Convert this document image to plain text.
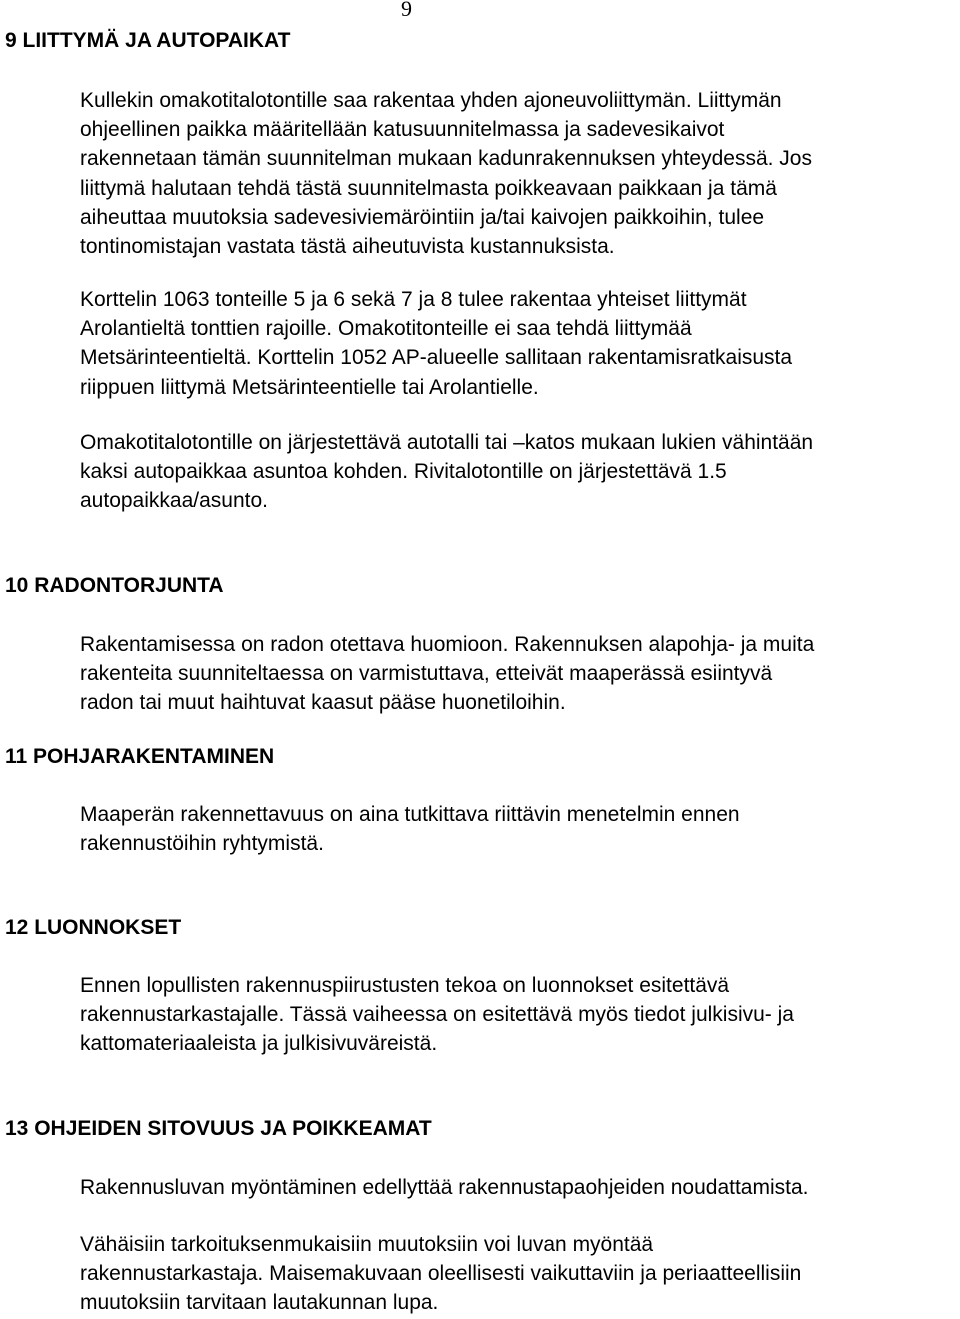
9
9 LIITTYMÄ JA AUTOPAIKAT

Kullekin omakotitalotontille saa rakentaa yhden ajoneuvoliittymän. Liittymän
ohjeellinen paikka määritellään katusuunnitelmassa ja sadevesikaivot
rakennetaan tämän suunnitelman mukaan kadunrakennuksen yhteydessä. Jos
liittymä halutaan tehdä tästä suunnitelmasta poikkeavaan paikkaan ja tämä
aiheuttaa muutoksia sadevesiviemäröintiin ja/tai kaivojen paikkoihin, tulee
tontinomistajan vastata tästä aiheutuvista kustannuksista.

Korttelin 1063 tonteille 5 ja 6 sekä 7 ja 8 tulee rakentaa yhteiset liittymät
Arolantieltä tonttien rajoille. Omakotitonteille ei saa tehdä liittymää
Metsärinteentieltä. Korttelin 1052 AP-alueelle sallitaan rakentamisratkaisusta
riippuen liittymä Metsärinteentielle tai Arolantielle.

Omakotitalotontille on järjestettävä autotalli tai –katos mukaan lukien vähintään
kaksi autopaikkaa asuntoa kohden. Rivitalotontille on järjestettävä 1.5
autopaikkaa/asunto.

10 RADONTORJUNTA

Rakentamisessa on radon otettava huomioon. Rakennuksen alapohja- ja muita
rakenteita suunniteltaessa on varmistuttava, etteivät maaperässä esiintyvä
radon tai muut haihtuvat kaasut pääse huonetiloihin.

11 POHJARAKENTAMINEN

Maaperän rakennettavuus on aina tutkittava riittävin menetelmin ennen
rakennustöihin ryhtymistä.

12 LUONNOKSET

Ennen lopullisten rakennuspiirustusten tekoa on luonnokset esitettävä
rakennustarkastajalle. Tässä vaiheessa on esitettävä myös tiedot julkisivu- ja
kattomateriaaleista ja julkisivuväreistä.

13 OHJEIDEN SITOVUUS JA POIKKEAMAT

Rakennusluvan myöntäminen edellyttää rakennustapaohjeiden noudattamista.

Vähäisiin tarkoituksenmukaisiin muutoksiin voi luvan myöntää
rakennustarkastaja. Maisemakuvaan oleellisesti vaikuttaviin ja periaatteellisiin
muutoksiin tarvitaan lautakunnan lupa.
